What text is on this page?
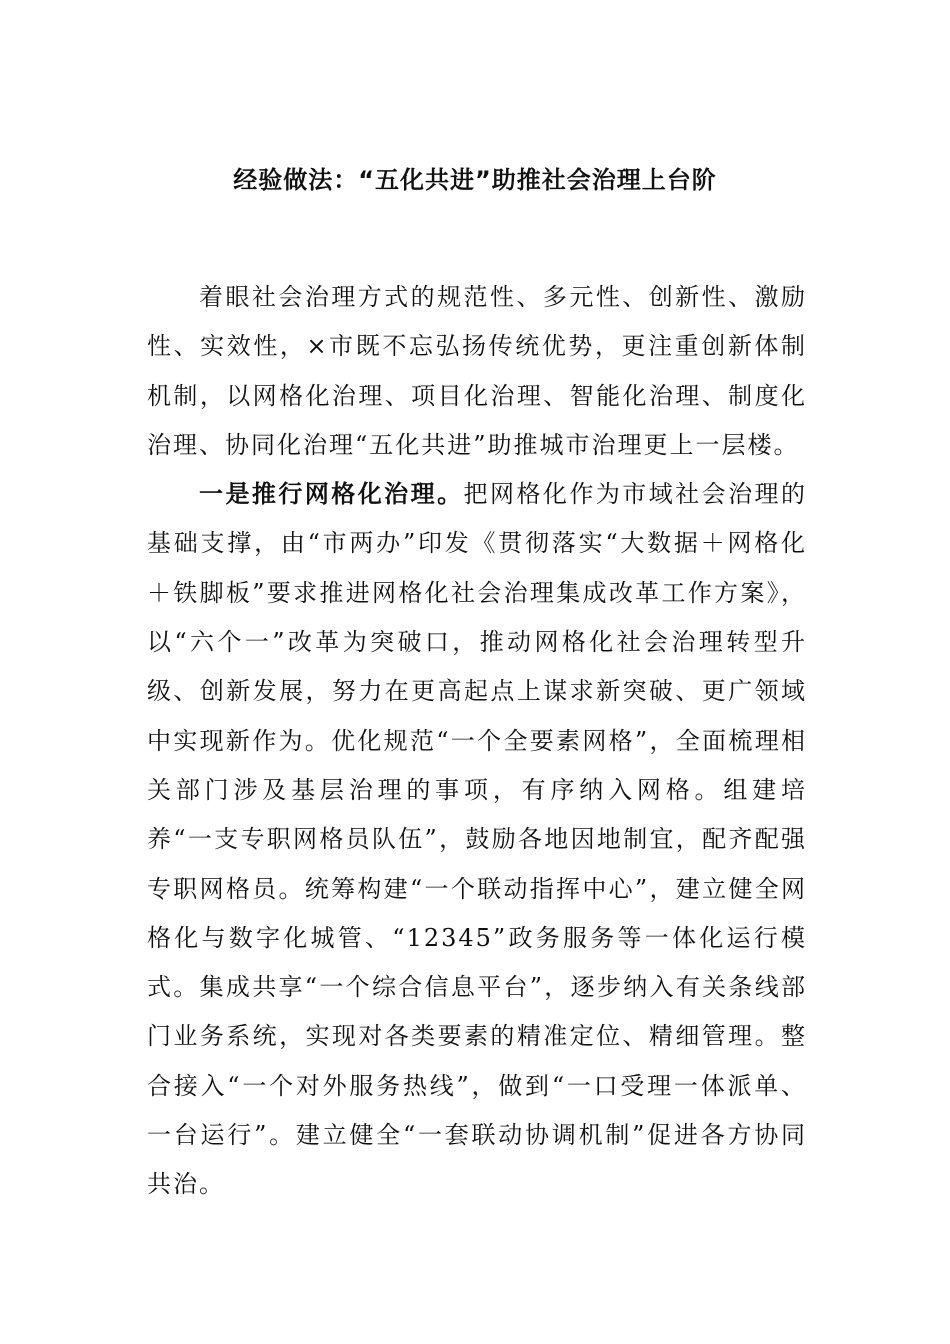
经验做法：“五化共进”助推社会治理上台阶

着眼社会治理方式的规范性、多元性、创新性、激励性、实效性，×市既不忘弘扬传统优势，更注重创新体制机制，以网格化治理、项目化治理、智能化治理、制度化治理、协同化治理“五化共进”助推城市治理更上一层楼。

一是推行网格化治理。把网格化作为市域社会治理的基础支撑，由“市两办”印发《贯彻落实“大数据＋网格化＋铁脚板”要求推进网格化社会治理集成改革工作方案》，以“六个一”改革为突破口，推动网格化社会治理转型升级、创新发展，努力在更高起点上谋求新突破、更广领域中实现新作为。优化规范“一个全要素网格”，全面梳理相关部门涉及基层治理的事项，有序纳入网格。组建培养“一支专职网格员队伍”，鼓励各地因地制宜，配齐配强专职网格员。统筹构建“一个联动指挥中心”，建立健全网格化与数字化城管、“12345”政务服务等一体化运行模式。集成共享“一个综合信息平台”，逐步纳入有关条线部门业务系统，实现对各类要素的精准定位、精细管理。整合接入“一个对外服务热线”，做到“一口受理一体派单、一台运行”。建立健全“一套联动协调机制”促进各方协同共治。
